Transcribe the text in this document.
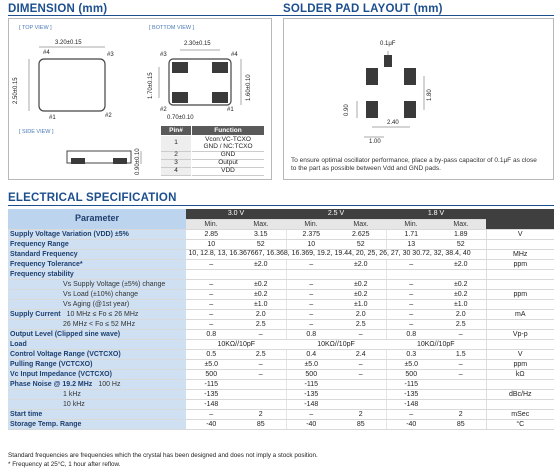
DIMENSION (mm)	SOLDER PAD LAYOUT (mm)
[ TOP VIEW ]	[ BOTTOM VIEW ]
[ SIDE VIEW ]
3.20±0.15
2.50±0.15
#4	#3
#1	#2
2.30±0.15
1.70±0.15	1.60±0.10
#3	#4
#2	#1
0.70±0.10
0.90±0.10
Pin#	Function
1	Vcon:VC-TCXO GND / NC:TCXO
2	GND
3	Output
4	VDD
0.1μF
0.90
1.80
2.40
1.00
To ensure optimal oscillator performance, place a by-pass capacitor of 0.1μF as close to the part as possible between Vdd and GND pads.
ELECTRICAL SPECIFICATION
Parameter	3.0 V		2.5 V		1.8 V		
	Min.	Max.	Min.	Max.	Min.	Max.	
Supply Voltage Variation (VDD) ±5%	2.85	3.15	2.375	2.625	1.71	1.89	V
Frequency Range	10	52	10	52	13	52	
Standard Frequency	10, 12.8, 13, 16.367667, 16.368, 16.369, 19.2, 19.44, 20, 25, 26, 27, 30 30.72, 32, 38.4, 40						MHz
Frequency Tolerance*	–	±2.0	–	±2.0	–	±2.0	ppm
Frequency stability							
Vs Supply Voltage (±5%) change	–	±0.2	–	±0.2	–	±0.2	
Vs Load (±10%) change	–	±0.2	–	±0.2	–	±0.2	ppm
Vs Aging (@1st year)	–	±1.0	–	±1.0	–	±1.0	
Supply Current 10 MHz ≤ Fo ≤ 26 MHz	–	2.0	–	2.0	–	2.0	mA
26 MHz < Fo ≤ 52 MHz	–	2.5	–	2.5	–	2.5	
Output Level (Clipped sine wave)	0.8	–	0.8	–	0.8	–	Vp-p
Load	10KΩ//10pF		10KΩ//10pF		10KΩ//10pF		
Control Voltage Range (VCTCXO)	0.5	2.5	0.4	2.4	0.3	1.5	V
Pulling Range (VCTCXO)	±5.0	–	±5.0	–	±5.0	–	ppm
Vc Input Impedance (VCTCXO)	500	–	500	–	500	–	kΩ
Phase Noise @ 19.2 MHz 100 Hz	-115		-115		-115		
1 kHz	-135		-135		-135		dBc/Hz
10 kHz	-148		-148		-148		
Start time	–	2	–	2	–	2	mSec
Storage Temp. Range	-40	85	-40	85	-40	85	°C
Standard frequencies are frequencies which the crystal has been designed and does not imply a stock position.
* Frequency at 25°C, 1 hour after reflow.
